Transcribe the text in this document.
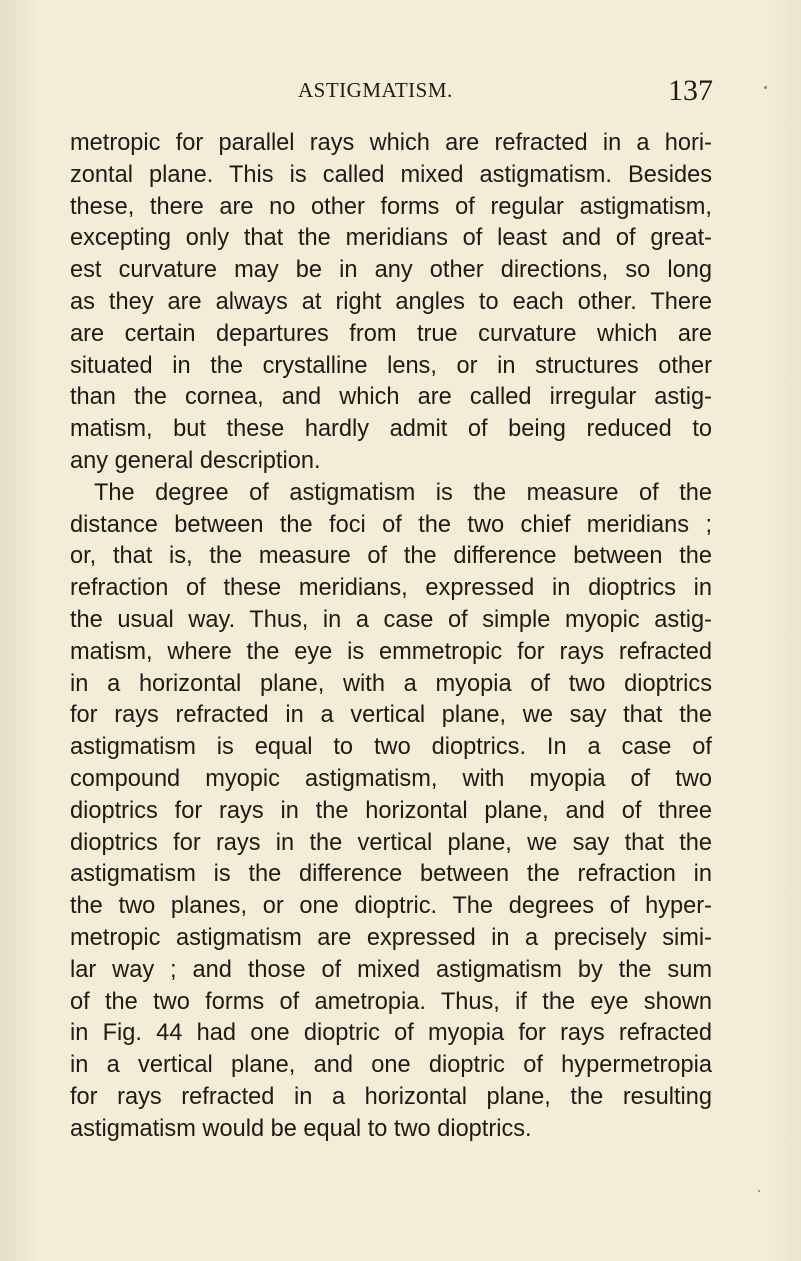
ASTIGMATISM.	137
metropic for parallel rays which are refracted in a hori-
zontal plane. This is called mixed astigmatism. Besides
these, there are no other forms of regular astigmatism,
excepting only that the meridians of least and of great-
est curvature may be in any other directions, so long
as they are always at right angles to each other. There
are certain departures from true curvature which are
situated in the crystalline lens, or in structures other
than the cornea, and which are called irregular astig-
matism, but these hardly admit of being reduced to
any general description.
The degree of astigmatism is the measure of the
distance between the foci of the two chief meridians ;
or, that is, the measure of the difference between the
refraction of these meridians, expressed in dioptrics in
the usual way. Thus, in a case of simple myopic astig-
matism, where the eye is emmetropic for rays refracted
in a horizontal plane, with a myopia of two dioptrics
for rays refracted in a vertical plane, we say that the
astigmatism is equal to two dioptrics. In a case of
compound myopic astigmatism, with myopia of two
dioptrics for rays in the horizontal plane, and of three
dioptrics for rays in the vertical plane, we say that the
astigmatism is the difference between the refraction in
the two planes, or one dioptric. The degrees of hyper-
metropic astigmatism are expressed in a precisely simi-
lar way ; and those of mixed astigmatism by the sum
of the two forms of ametropia. Thus, if the eye shown
in Fig. 44 had one dioptric of myopia for rays refracted
in a vertical plane, and one dioptric of hypermetropia
for rays refracted in a horizontal plane, the resulting
astigmatism would be equal to two dioptrics.
